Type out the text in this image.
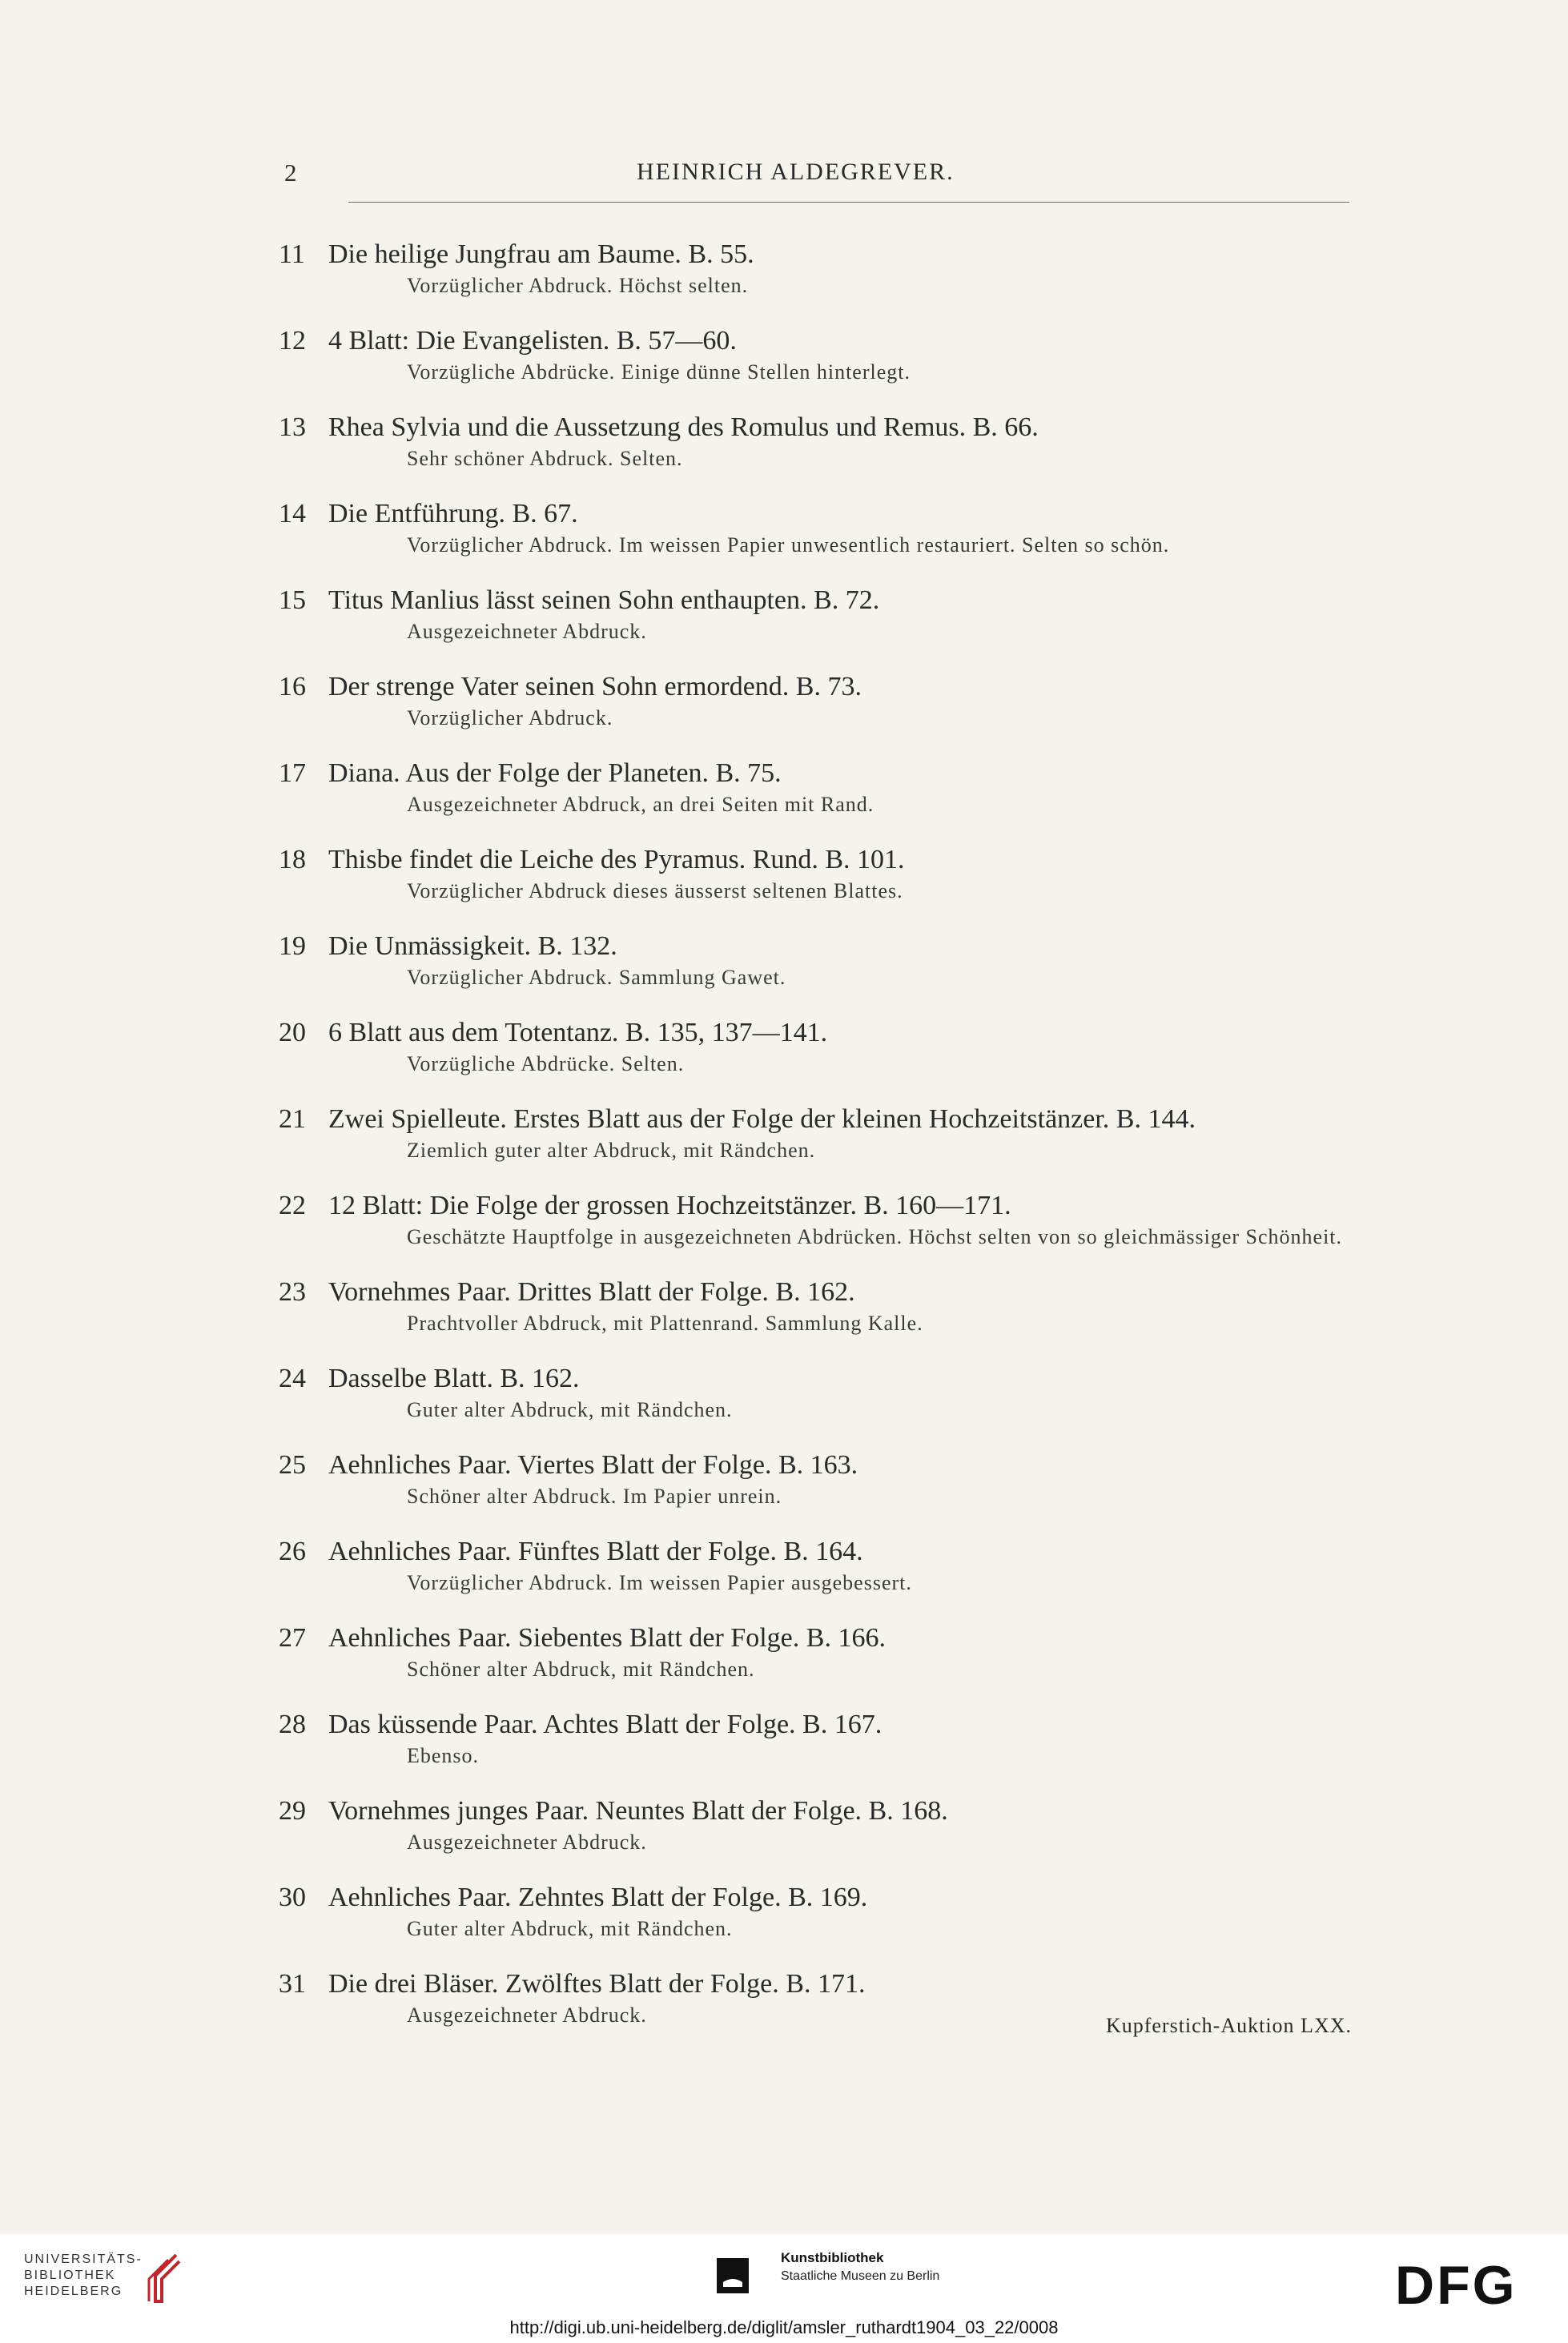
2	HEINRICH ALDEGREVER.
11 Die heilige Jungfrau am Baume. B. 55.
Vorzüglicher Abdruck. Höchst selten.
12 4 Blatt: Die Evangelisten. B. 57—60.
Vorzügliche Abdrücke. Einige dünne Stellen hinterlegt.
13 Rhea Sylvia und die Aussetzung des Romulus und Remus. B. 66.
Sehr schöner Abdruck. Selten.
14 Die Entführung. B. 67.
Vorzüglicher Abdruck. Im weissen Papier unwesentlich restauriert. Selten so schön.
15 Titus Manlius lässt seinen Sohn enthaupten. B. 72.
Ausgezeichneter Abdruck.
16 Der strenge Vater seinen Sohn ermordend. B. 73.
Vorzüglicher Abdruck.
17 Diana. Aus der Folge der Planeten. B. 75.
Ausgezeichneter Abdruck, an drei Seiten mit Rand.
18 Thisbe findet die Leiche des Pyramus. Rund. B. 101.
Vorzüglicher Abdruck dieses äusserst seltenen Blattes.
19 Die Unmässigkeit. B. 132.
Vorzüglicher Abdruck. Sammlung Gawet.
20 6 Blatt aus dem Totentanz. B. 135, 137—141.
Vorzügliche Abdrücke. Selten.
21 Zwei Spielleute. Erstes Blatt aus der Folge der kleinen Hochzeitstänzer. B. 144.
Ziemlich guter alter Abdruck, mit Rändchen.
22 12 Blatt: Die Folge der grossen Hochzeitstänzer. B. 160—171.
Geschätzte Hauptfolge in ausgezeichneten Abdrücken. Höchst selten von so gleichmässiger Schönheit.
23 Vornehmes Paar. Drittes Blatt der Folge. B. 162.
Prachtvoller Abdruck, mit Plattenrand. Sammlung Kalle.
24 Dasselbe Blatt. B. 162.
Guter alter Abdruck, mit Rändchen.
25 Aehnliches Paar. Viertes Blatt der Folge. B. 163.
Schöner alter Abdruck. Im Papier unrein.
26 Aehnliches Paar. Fünftes Blatt der Folge. B. 164.
Vorzüglicher Abdruck. Im weissen Papier ausgebessert.
27 Aehnliches Paar. Siebentes Blatt der Folge. B. 166.
Schöner alter Abdruck, mit Rändchen.
28 Das küssende Paar. Achtes Blatt der Folge. B. 167.
Ebenso.
29 Vornehmes junges Paar. Neuntes Blatt der Folge. B. 168.
Ausgezeichneter Abdruck.
30 Aehnliches Paar. Zehntes Blatt der Folge. B. 169.
Guter alter Abdruck, mit Rändchen.
31 Die drei Bläser. Zwölftes Blatt der Folge. B. 171.
Ausgezeichneter Abdruck.	Kupferstich-Auktion LXX.
UNIVERSITÄTS-
BIBLIOTHEK
HEIDELBERG
Kunstbibliothek
Staatliche Museen zu Berlin	DFG
http://digi.ub.uni-heidelberg.de/diglit/amsler_ruthardt1904_03_22/0008
